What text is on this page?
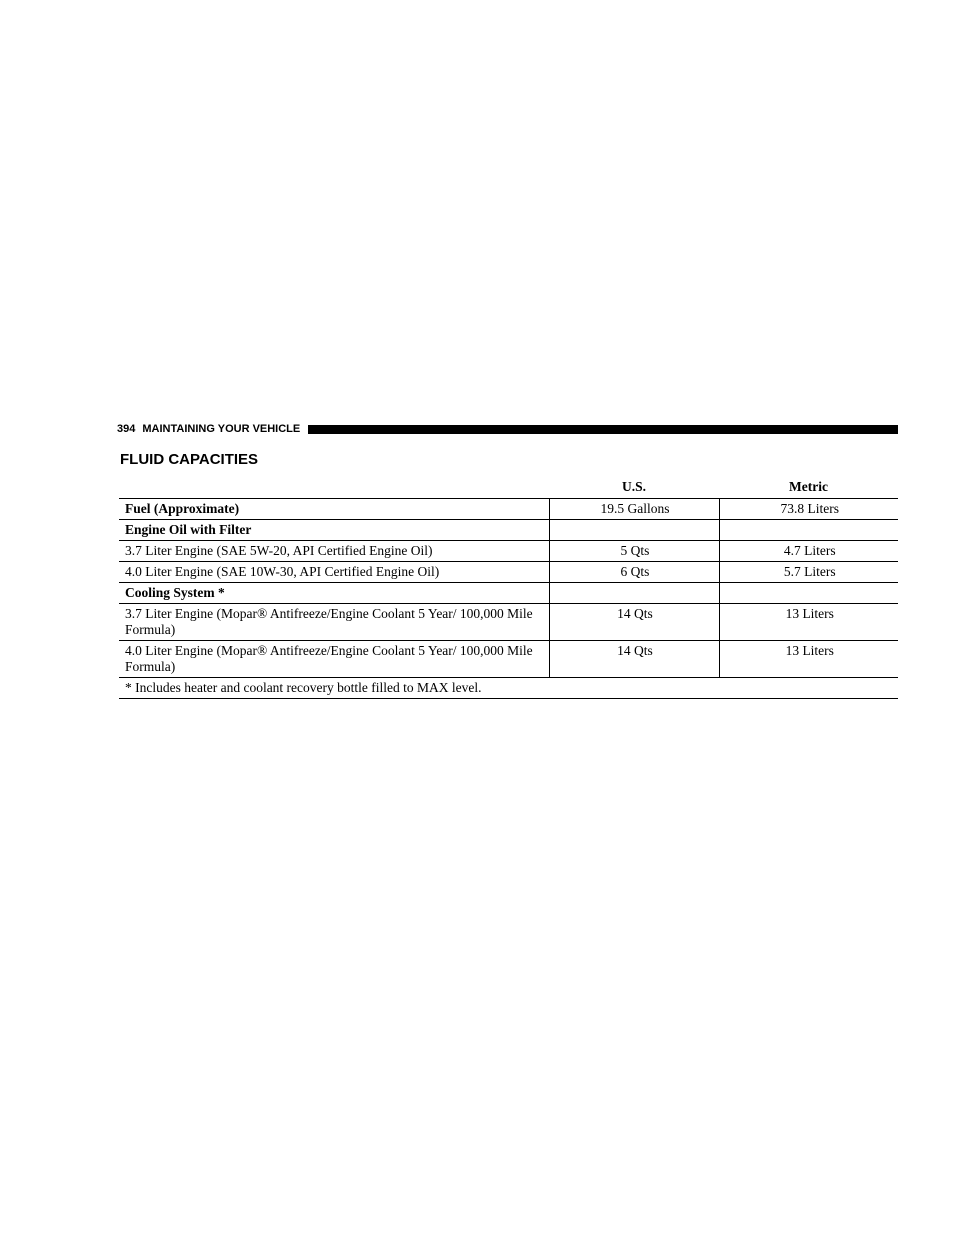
394 MAINTAINING YOUR VEHICLE
FLUID CAPACITIES
	U.S.	Metric
Fuel (Approximate)	19.5 Gallons	73.8 Liters
Engine Oil with Filter		
3.7 Liter Engine (SAE 5W-20, API Certified Engine Oil)	5 Qts	4.7 Liters
4.0 Liter Engine (SAE 10W-30, API Certified Engine Oil)	6 Qts	5.7 Liters
Cooling System *		
3.7 Liter Engine (Mopar® Antifreeze/Engine Coolant 5 Year/ 100,000 Mile Formula)	14 Qts	13 Liters
4.0 Liter Engine (Mopar® Antifreeze/Engine Coolant 5 Year/ 100,000 Mile Formula)	14 Qts	13 Liters
* Includes heater and coolant recovery bottle filled to MAX level.		
